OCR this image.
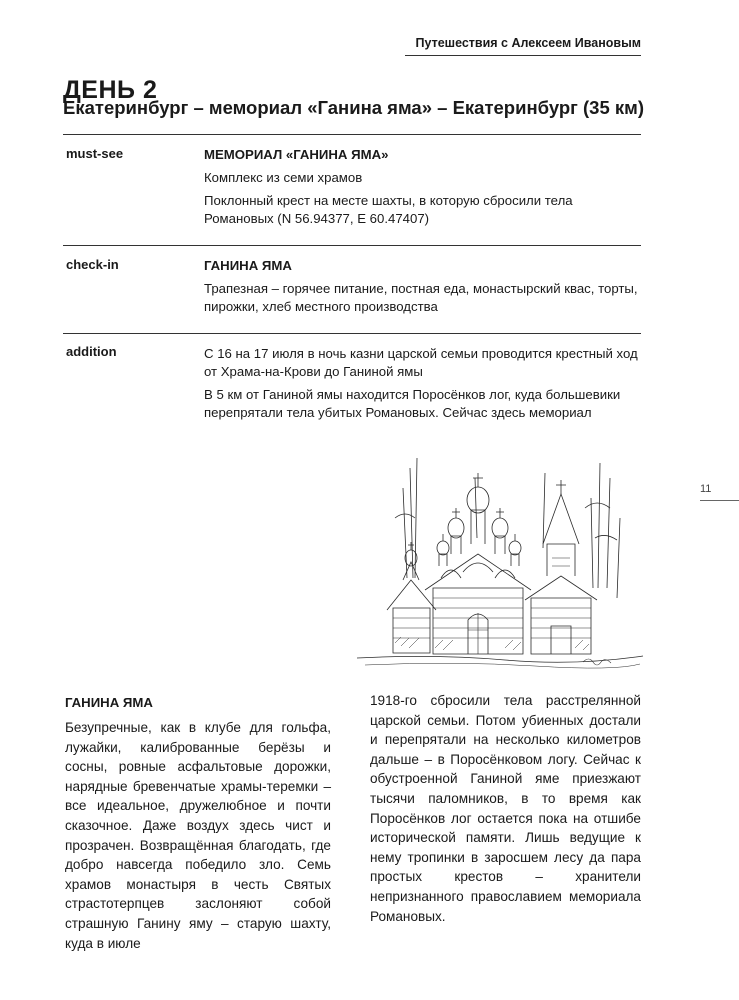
Путешествия с Алексеем Ивановым
ДЕНЬ 2
Екатеринбург – мемориал «Ганина яма» – Екатеринбург (35 км)
must-see	МЕМОРИАЛ «ГАНИНА ЯМА»

Комплекс из семи храмов

Поклонный крест на месте шахты, в которую сбросили тела Романовых (N 56.94377, E 60.47407)

check-in	ГАНИНА ЯМА

Трапезная – горячее питание, постная еда, монастырский квас, торты, пирожки, хлеб местного производства

addition	С 16 на 17 июля в ночь казни царской семьи проводится крестный ход от Храма-на-Крови до Ганиной ямы

В 5 км от Ганиной ямы находится Поросёнков лог, куда большевики перепрятали тела убитых Романовых. Сейчас здесь мемориал

11
ГАНИНА ЯМА
Безупречные, как в клубе для гольфа, лужайки, калиброванные берёзы и сосны, ровные асфальтовые дорожки, нарядные бревенчатые храмы-теремки – все идеальное, дружелюбное и почти сказочное. Даже воздух здесь чист и прозрачен. Возвращённая благодать, где добро навсегда победило зло. Семь храмов монастыря в честь Святых страстотерпцев заслоняют собой страшную Ганину яму – старую шахту, куда в июле
1918-го сбросили тела расстрелянной царской семьи. Потом убиенных достали и перепрятали на несколько километров дальше – в Поросёнковом логу. Сейчас к обустроенной Ганиной яме приезжают тысячи паломников, в то время как Поросёнков лог остается пока на отшибе исторической памяти. Лишь ведущие к нему тропинки в заросшем лесу да пара простых крестов – хранители непризнанного православием мемориала Романовых.
